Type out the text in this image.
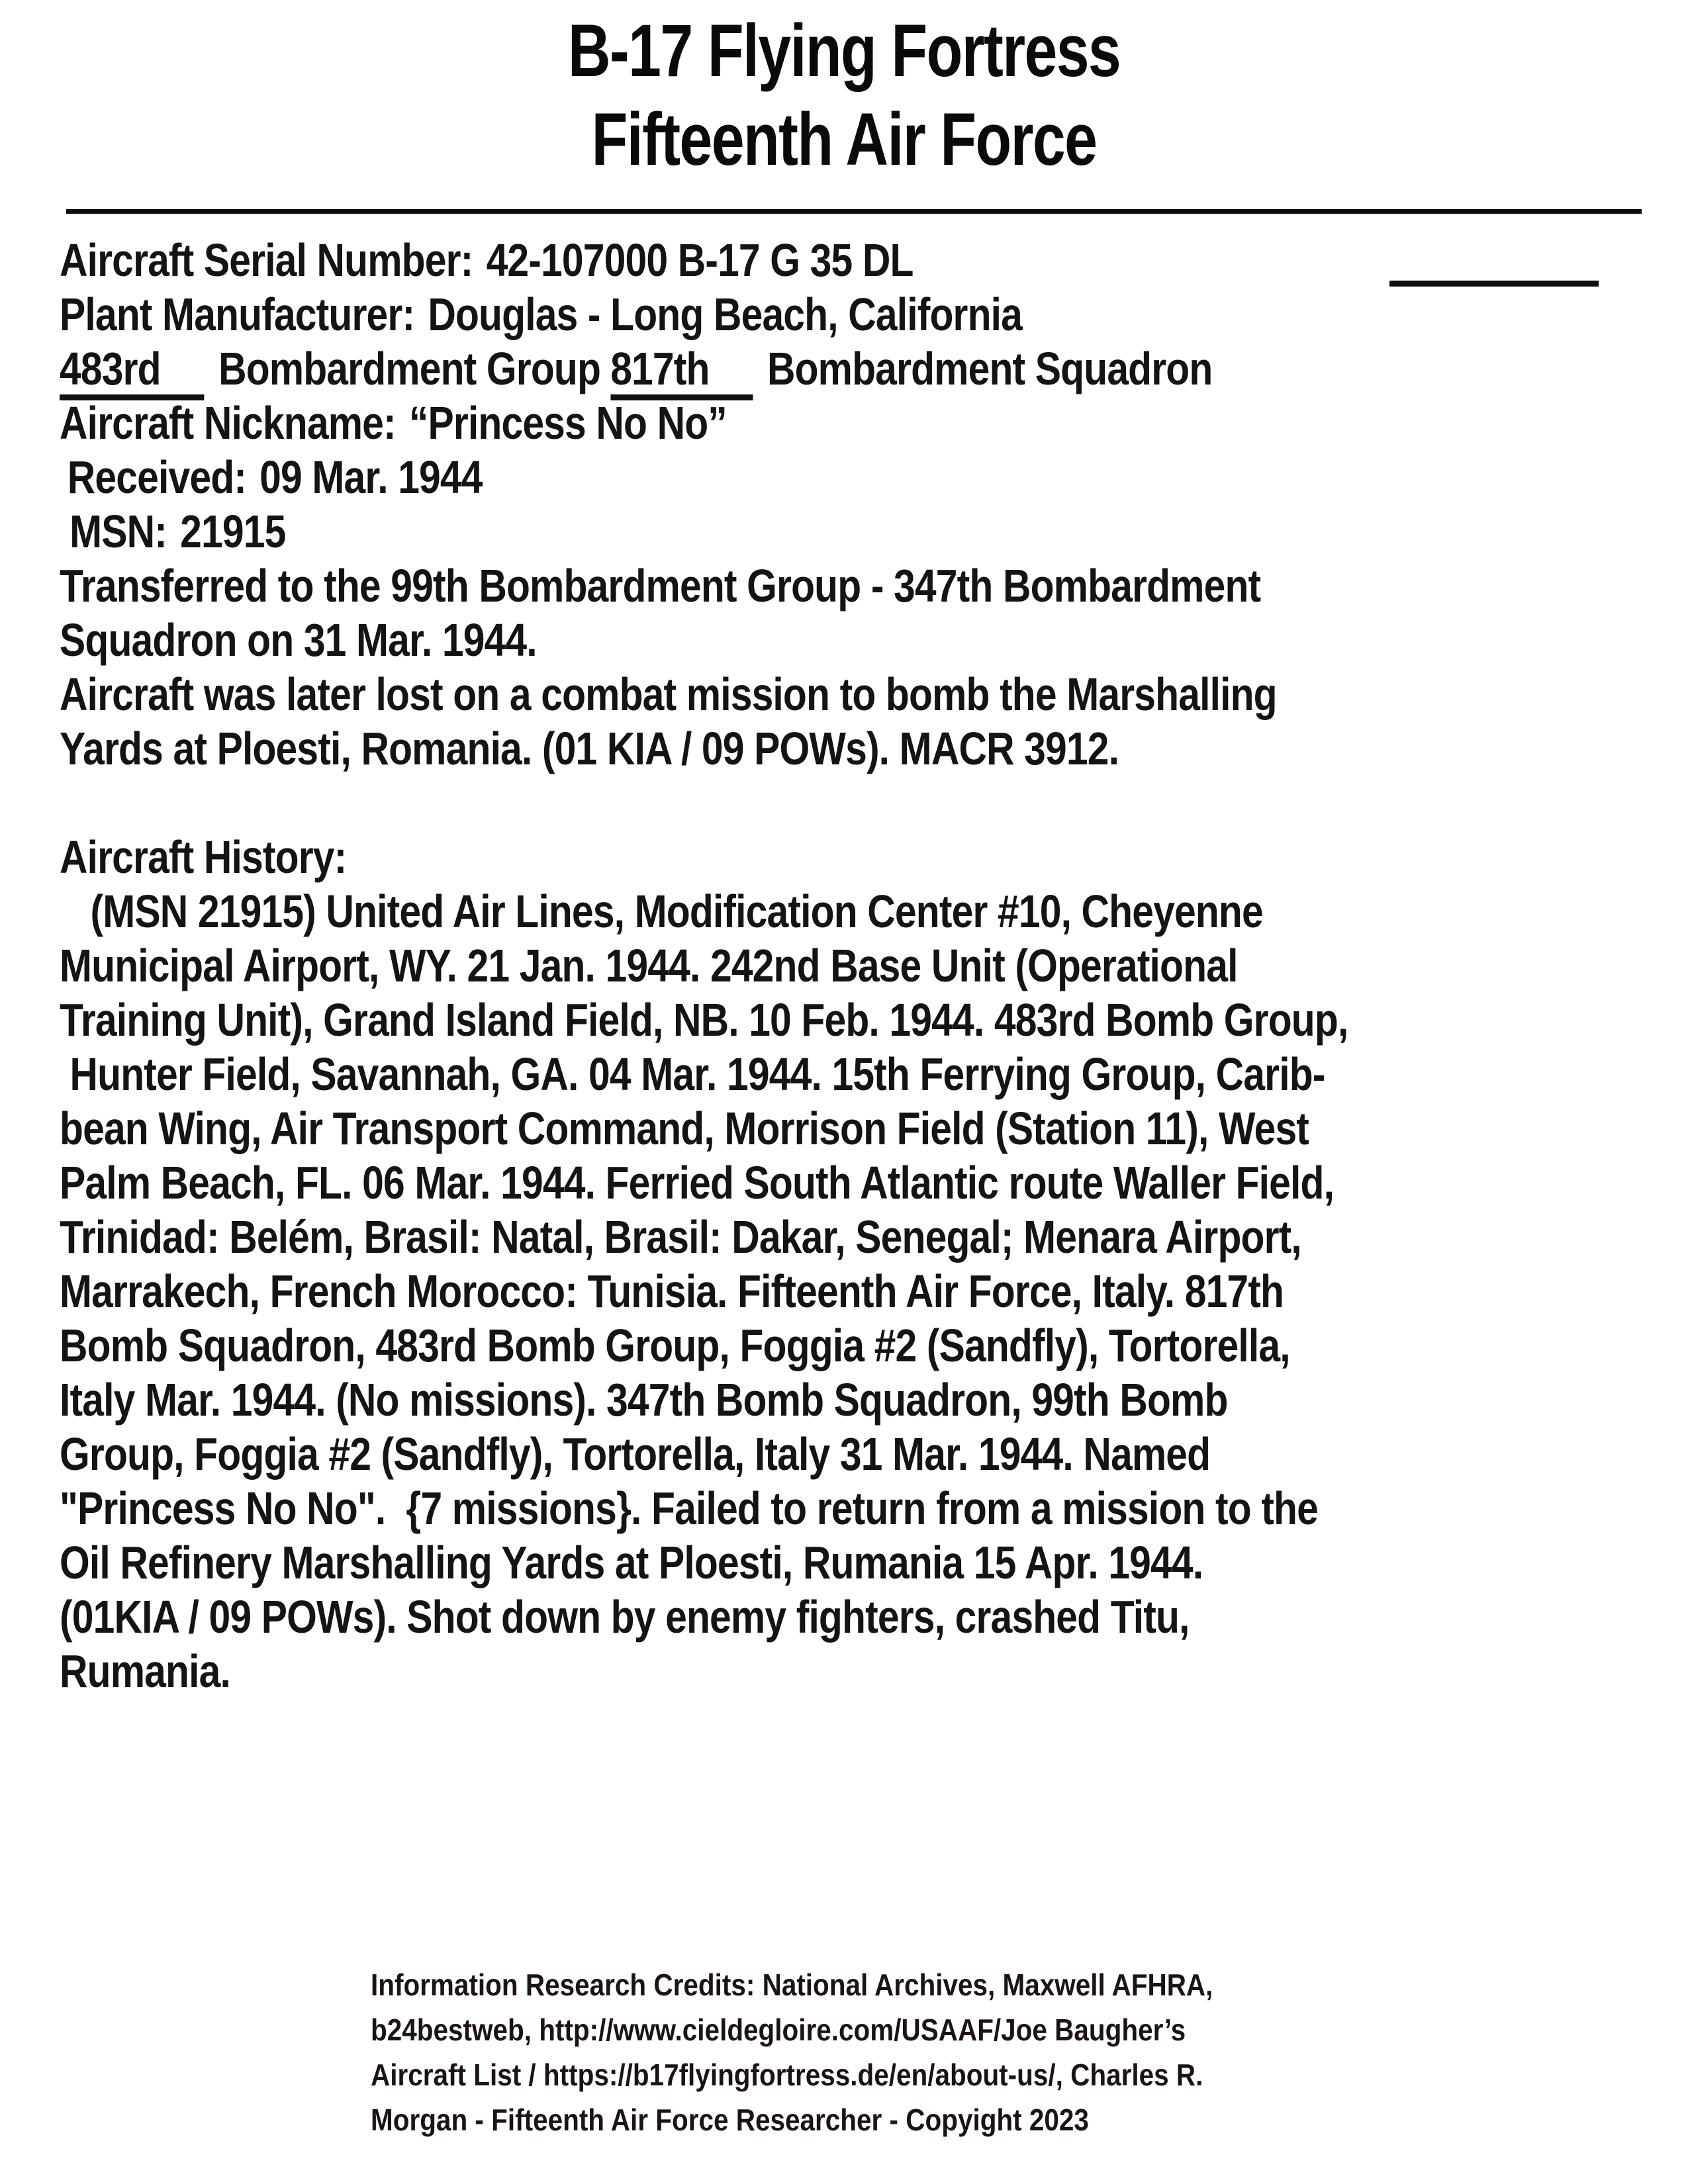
B-17 Flying Fortress
Fifteenth Air Force
Aircraft Serial Number: 42-107000 B-17 G 35 DL
Plant Manufacturer: Douglas - Long Beach, California
483rd Bombardment Group 817th Bombardment Squadron
Aircraft Nickname: “Princess No No”
Received: 09 Mar. 1944
MSN: 21915
Transferred to the 99th Bombardment Group - 347th Bombardment
Squadron on 31 Mar. 1944.
Aircraft was later lost on a combat mission to bomb the Marshalling
Yards at Ploesti, Romania. (01 KIA / 09 POWs). MACR 3912.
Aircraft History:
(MSN 21915) United Air Lines, Modification Center #10, Cheyenne
Municipal Airport, WY. 21 Jan. 1944. 242nd Base Unit (Operational
Training Unit), Grand Island Field, NB. 10 Feb. 1944. 483rd Bomb Group,
Hunter Field, Savannah, GA. 04 Mar. 1944. 15th Ferrying Group, Carib-
bean Wing, Air Transport Command, Morrison Field (Station 11), West
Palm Beach, FL. 06 Mar. 1944. Ferried South Atlantic route Waller Field,
Trinidad: Belém, Brasil: Natal, Brasil: Dakar, Senegal; Menara Airport,
Marrakech, French Morocco: Tunisia. Fifteenth Air Force, Italy. 817th
Bomb Squadron, 483rd Bomb Group, Foggia #2 (Sandfly), Tortorella,
Italy Mar. 1944. (No missions). 347th Bomb Squadron, 99th Bomb
Group, Foggia #2 (Sandfly), Tortorella, Italy 31 Mar. 1944. Named
"Princess No No".  {7 missions}. Failed to return from a mission to the
Oil Refinery Marshalling Yards at Ploesti, Rumania 15 Apr. 1944.
(01KIA / 09 POWs). Shot down by enemy fighters, crashed Titu,
Rumania.
Information Research Credits: National Archives, Maxwell AFHRA,
b24bestweb, http://www.cieldegloire.com/USAAF/Joe Baugher’s
Aircraft List / https://b17flyingfortress.de/en/about-us/, Charles R.
Morgan - Fifteenth Air Force Researcher - Copyight 2023
